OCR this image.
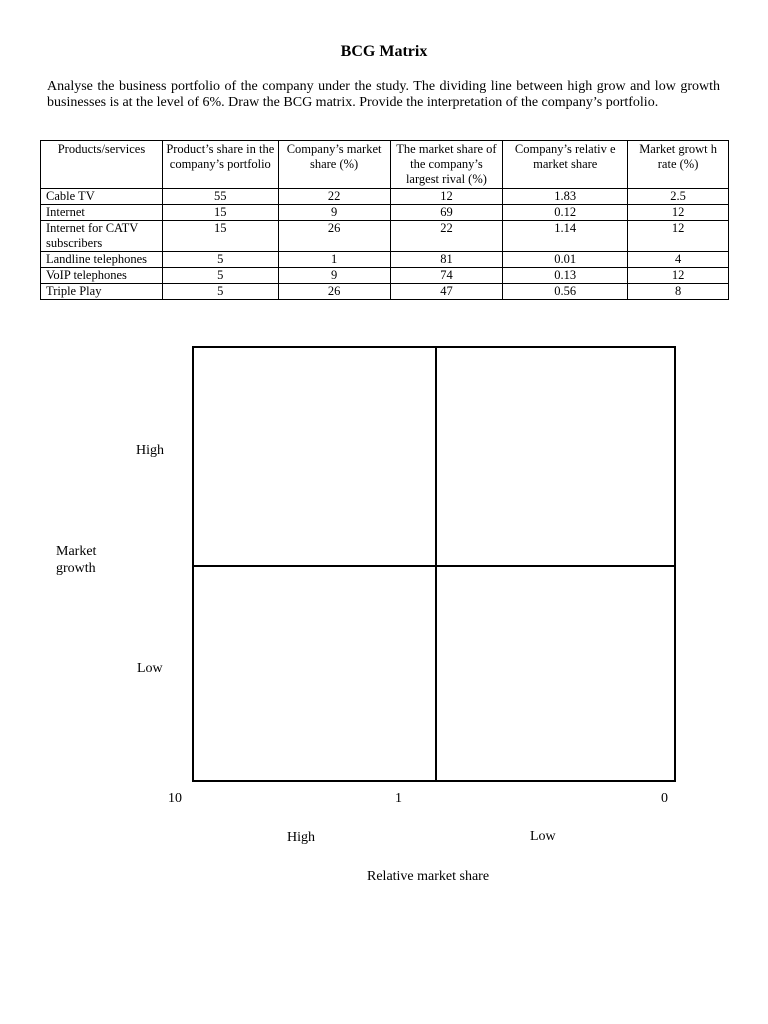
BCG Matrix
Analyse the business portfolio of the company under the study. The dividing line between high grow and low growth businesses is at the level of 6%. Draw the BCG matrix. Provide the interpretation of the company’s portfolio.
Products/services	Product’s share in the company’s portfolio	Company’s market share (%)	The market share of the company’s largest rival (%)	Company’s relativ e market share	Market growt h rate (%)
Cable TV	55	22	12	1.83	2.5
Internet	15	9	69	0.12	12
Internet for CATV subscribers	15	26	22	1.14	12
Landline telephones	5	1	81	0.01	4
VoIP telephones	5	9	74	0.13	12
Triple Play	5	26	47	0.56	8
High
Market growth
Low
10	1	0
High	Low
Relative market share
